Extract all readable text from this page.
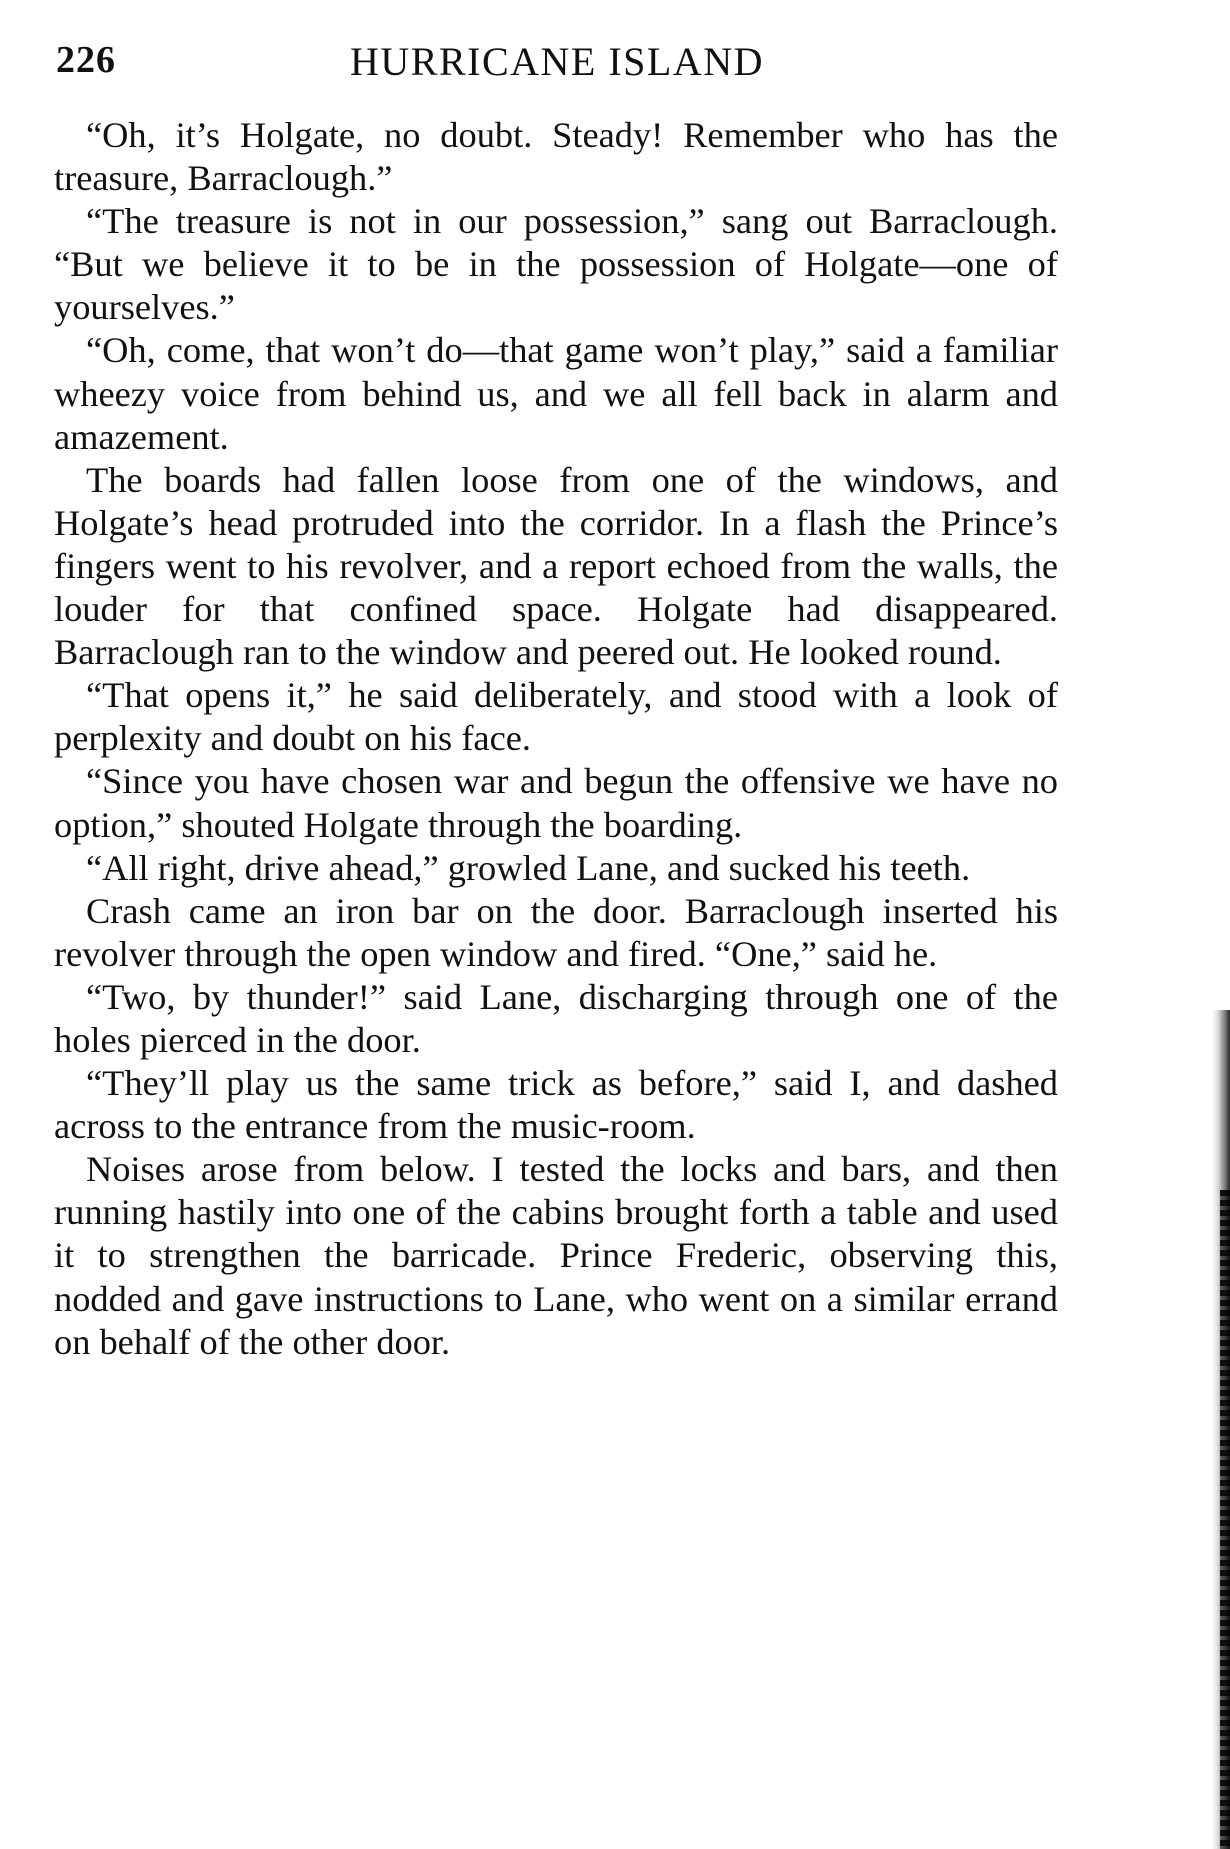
226	HURRICANE ISLAND

“Oh, it’s Holgate, no doubt. Steady! Remember who has the treasure, Barraclough.”

“The treasure is not in our possession,” sang out Barraclough. “But we believe it to be in the possession of Holgate—one of yourselves.”

“Oh, come, that won’t do—that game won’t play,” said a familiar wheezy voice from behind us, and we all fell back in alarm and amazement.

The boards had fallen loose from one of the windows, and Holgate’s head protruded into the corridor. In a flash the Prince’s fingers went to his revolver, and a report echoed from the walls, the louder for that confined space. Holgate had disappeared. Barraclough ran to the window and peered out. He looked round.

“That opens it,” he said deliberately, and stood with a look of perplexity and doubt on his face.

“Since you have chosen war and begun the offensive we have no option,” shouted Holgate through the boarding.

“All right, drive ahead,” growled Lane, and sucked his teeth.

Crash came an iron bar on the door. Barraclough inserted his revolver through the open window and fired. “One,” said he.

“Two, by thunder!” said Lane, discharging through one of the holes pierced in the door.

“They’ll play us the same trick as before,” said I, and dashed across to the entrance from the music-room.

Noises arose from below. I tested the locks and bars, and then running hastily into one of the cabins brought forth a table and used it to strengthen the barricade. Prince Frederic, observing this, nodded and gave instructions to Lane, who went on a similar errand on behalf of the other door.
